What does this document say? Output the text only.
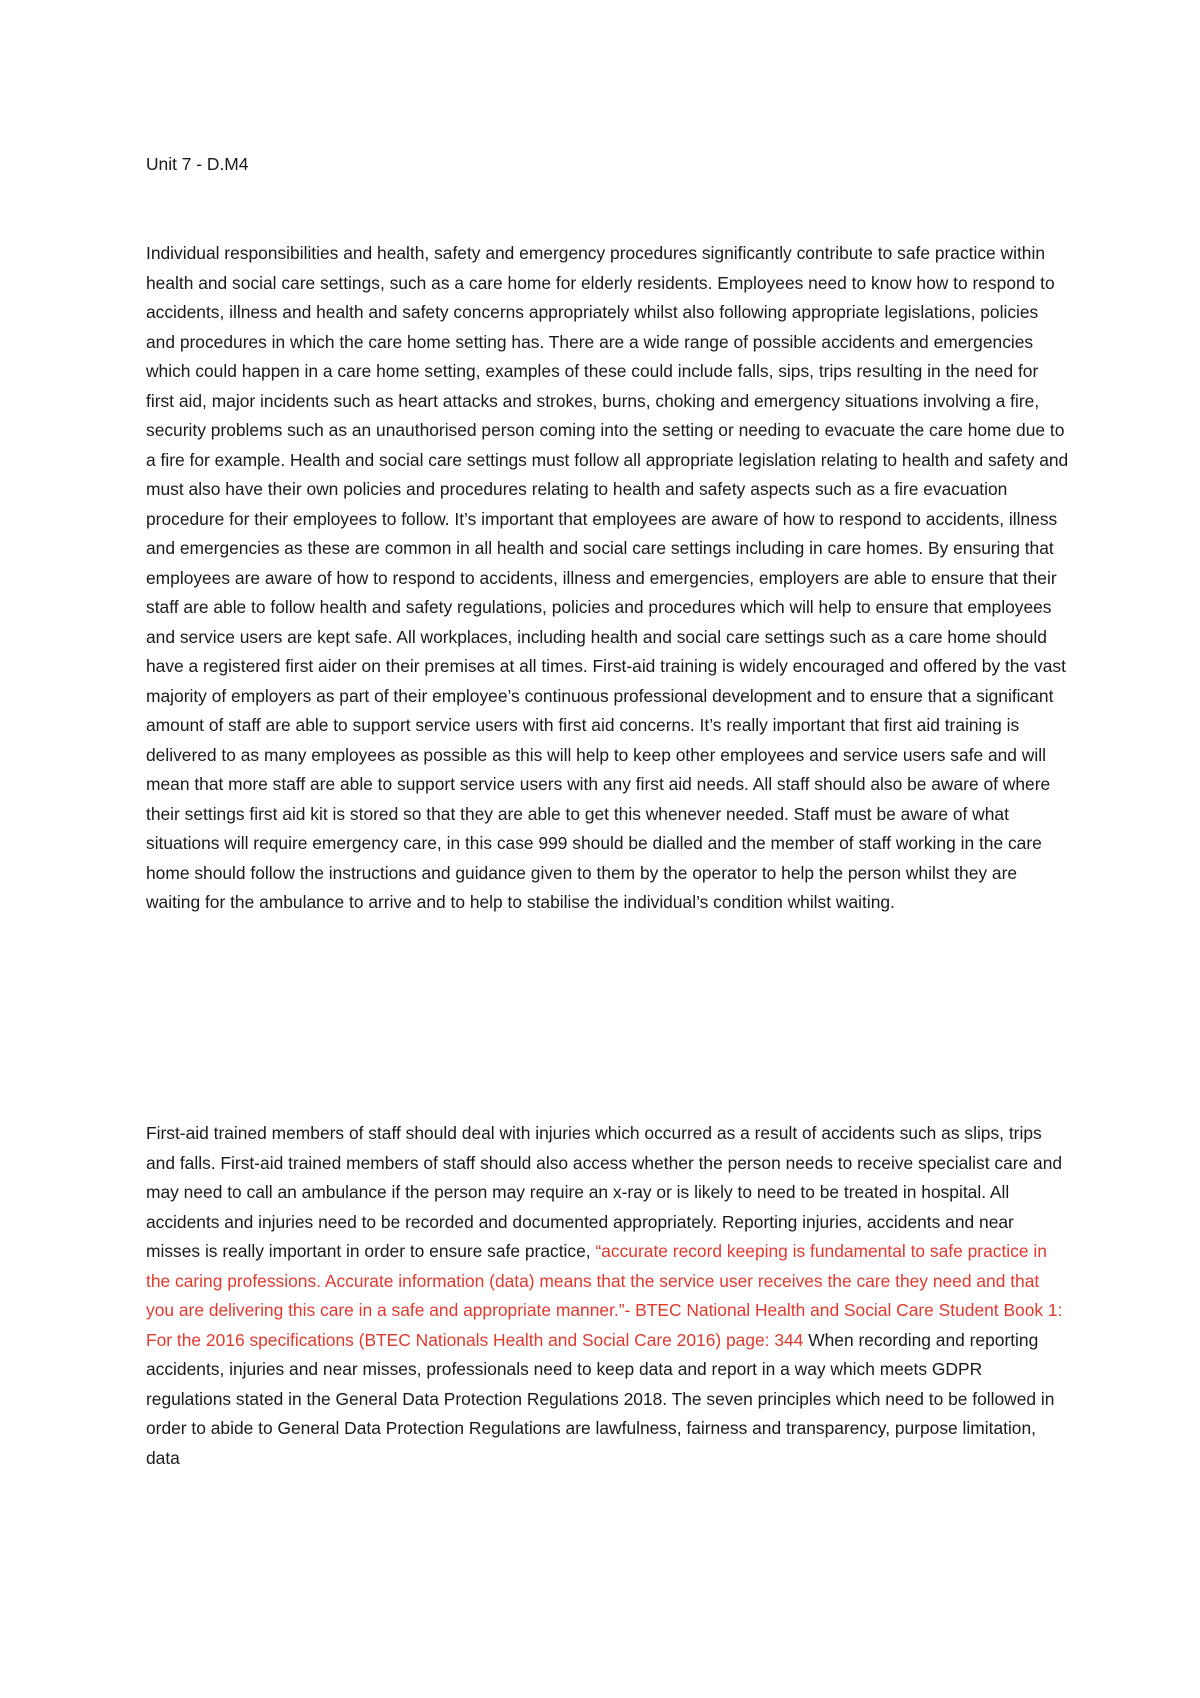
Unit 7 - D.M4
Individual responsibilities and health, safety and emergency procedures significantly contribute to safe practice within health and social care settings, such as a care home for elderly residents. Employees need to know how to respond to accidents, illness and health and safety concerns appropriately whilst also following appropriate legislations, policies and procedures in which the care home setting has. There are a wide range of possible accidents and emergencies which could happen in a care home setting, examples of these could include falls, sips, trips resulting in the need for first aid, major incidents such as heart attacks and strokes, burns, choking and emergency situations involving a fire, security problems such as an unauthorised person coming into the setting or needing to evacuate the care home due to a fire for example. Health and social care settings must follow all appropriate legislation relating to health and safety and must also have their own policies and procedures relating to health and safety aspects such as a fire evacuation procedure for their employees to follow. It’s important that employees are aware of how to respond to accidents, illness and emergencies as these are common in all health and social care settings including in care homes. By ensuring that employees are aware of how to respond to accidents, illness and emergencies, employers are able to ensure that their staff are able to follow health and safety regulations, policies and procedures which will help to ensure that employees and service users are kept safe. All workplaces, including health and social care settings such as a care home should have a registered first aider on their premises at all times. First-aid training is widely encouraged and offered by the vast majority of employers as part of their employee’s continuous professional development and to ensure that a significant amount of staff are able to support service users with first aid concerns. It’s really important that first aid training is delivered to as many employees as possible as this will help to keep other employees and service users safe and will mean that more staff are able to support service users with any first aid needs. All staff should also be aware of where their settings first aid kit is stored so that they are able to get this whenever needed. Staff must be aware of what situations will require emergency care, in this case 999 should be dialled and the member of staff working in the care home should follow the instructions and guidance given to them by the operator to help the person whilst they are waiting for the ambulance to arrive and to help to stabilise the individual’s condition whilst waiting.
First-aid trained members of staff should deal with injuries which occurred as a result of accidents such as slips, trips and falls. First-aid trained members of staff should also access whether the person needs to receive specialist care and may need to call an ambulance if the person may require an x-ray or is likely to need to be treated in hospital. All accidents and injuries need to be recorded and documented appropriately. Reporting injuries, accidents and near misses is really important in order to ensure safe practice, “accurate record keeping is fundamental to safe practice in the caring professions. Accurate information (data) means that the service user receives the care they need and that you are delivering this care in a safe and appropriate manner.”- BTEC National Health and Social Care Student Book 1: For the 2016 specifications (BTEC Nationals Health and Social Care 2016) page: 344 When recording and reporting accidents, injuries and near misses, professionals need to keep data and report in a way which meets GDPR regulations stated in the General Data Protection Regulations 2018. The seven principles which need to be followed in order to abide to General Data Protection Regulations are lawfulness, fairness and transparency, purpose limitation, data
